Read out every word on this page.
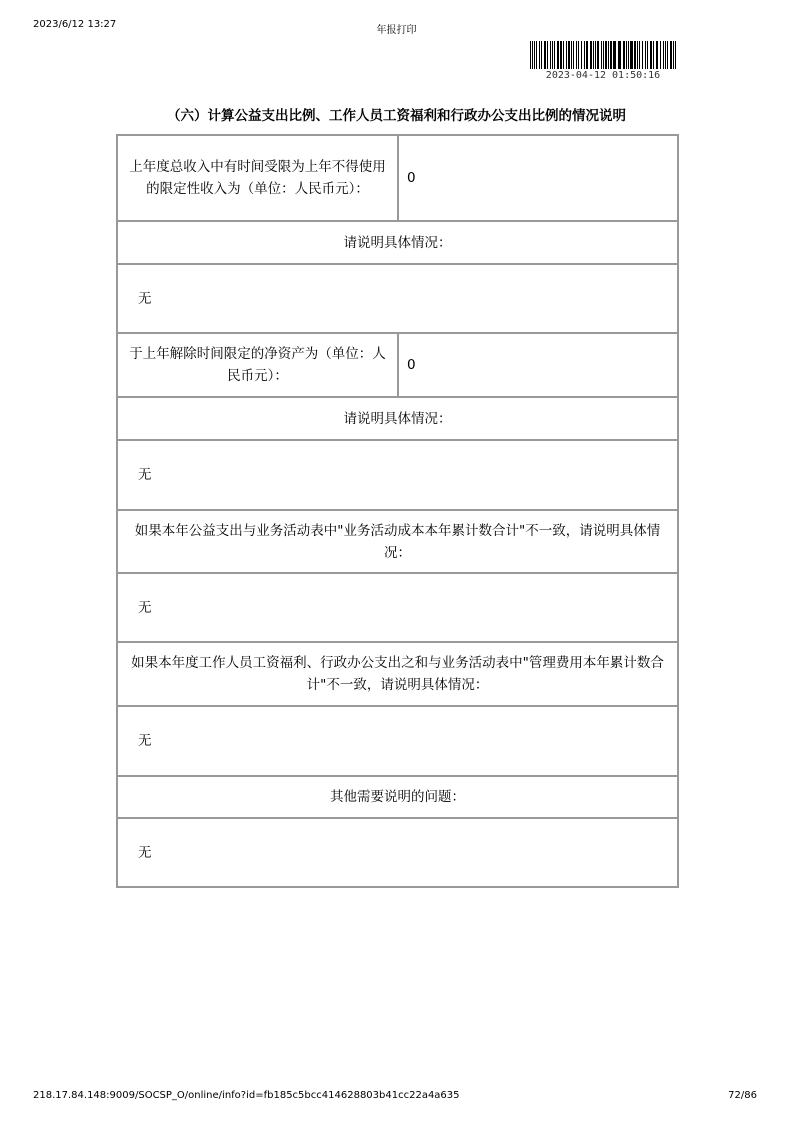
2023/6/12 13:27
年报打印
2023-04-12 01:50:16
（六）计算公益支出比例、工作人员工资福利和行政办公支出比例的情况说明
上年度总收入中有时间受限为上年不得使用的限定性收入为（单位：人民币元）：	0
请说明具体情况：	
无	
于上年解除时间限定的净资产为（单位：人民币元）：	0
请说明具体情况：	
无	
如果本年公益支出与业务活动表中"业务活动成本本年累计数合计"不一致，请说明具体情况：	
无	
如果本年度工作人员工资福利、行政办公支出之和与业务活动表中"管理费用本年累计数合计"不一致，请说明具体情况：	
无	
其他需要说明的问题：	
无	
218.17.84.148:9009/SOCSP_O/online/info?id=fb185c5bcc414628803b41cc22a4a635	72/86
